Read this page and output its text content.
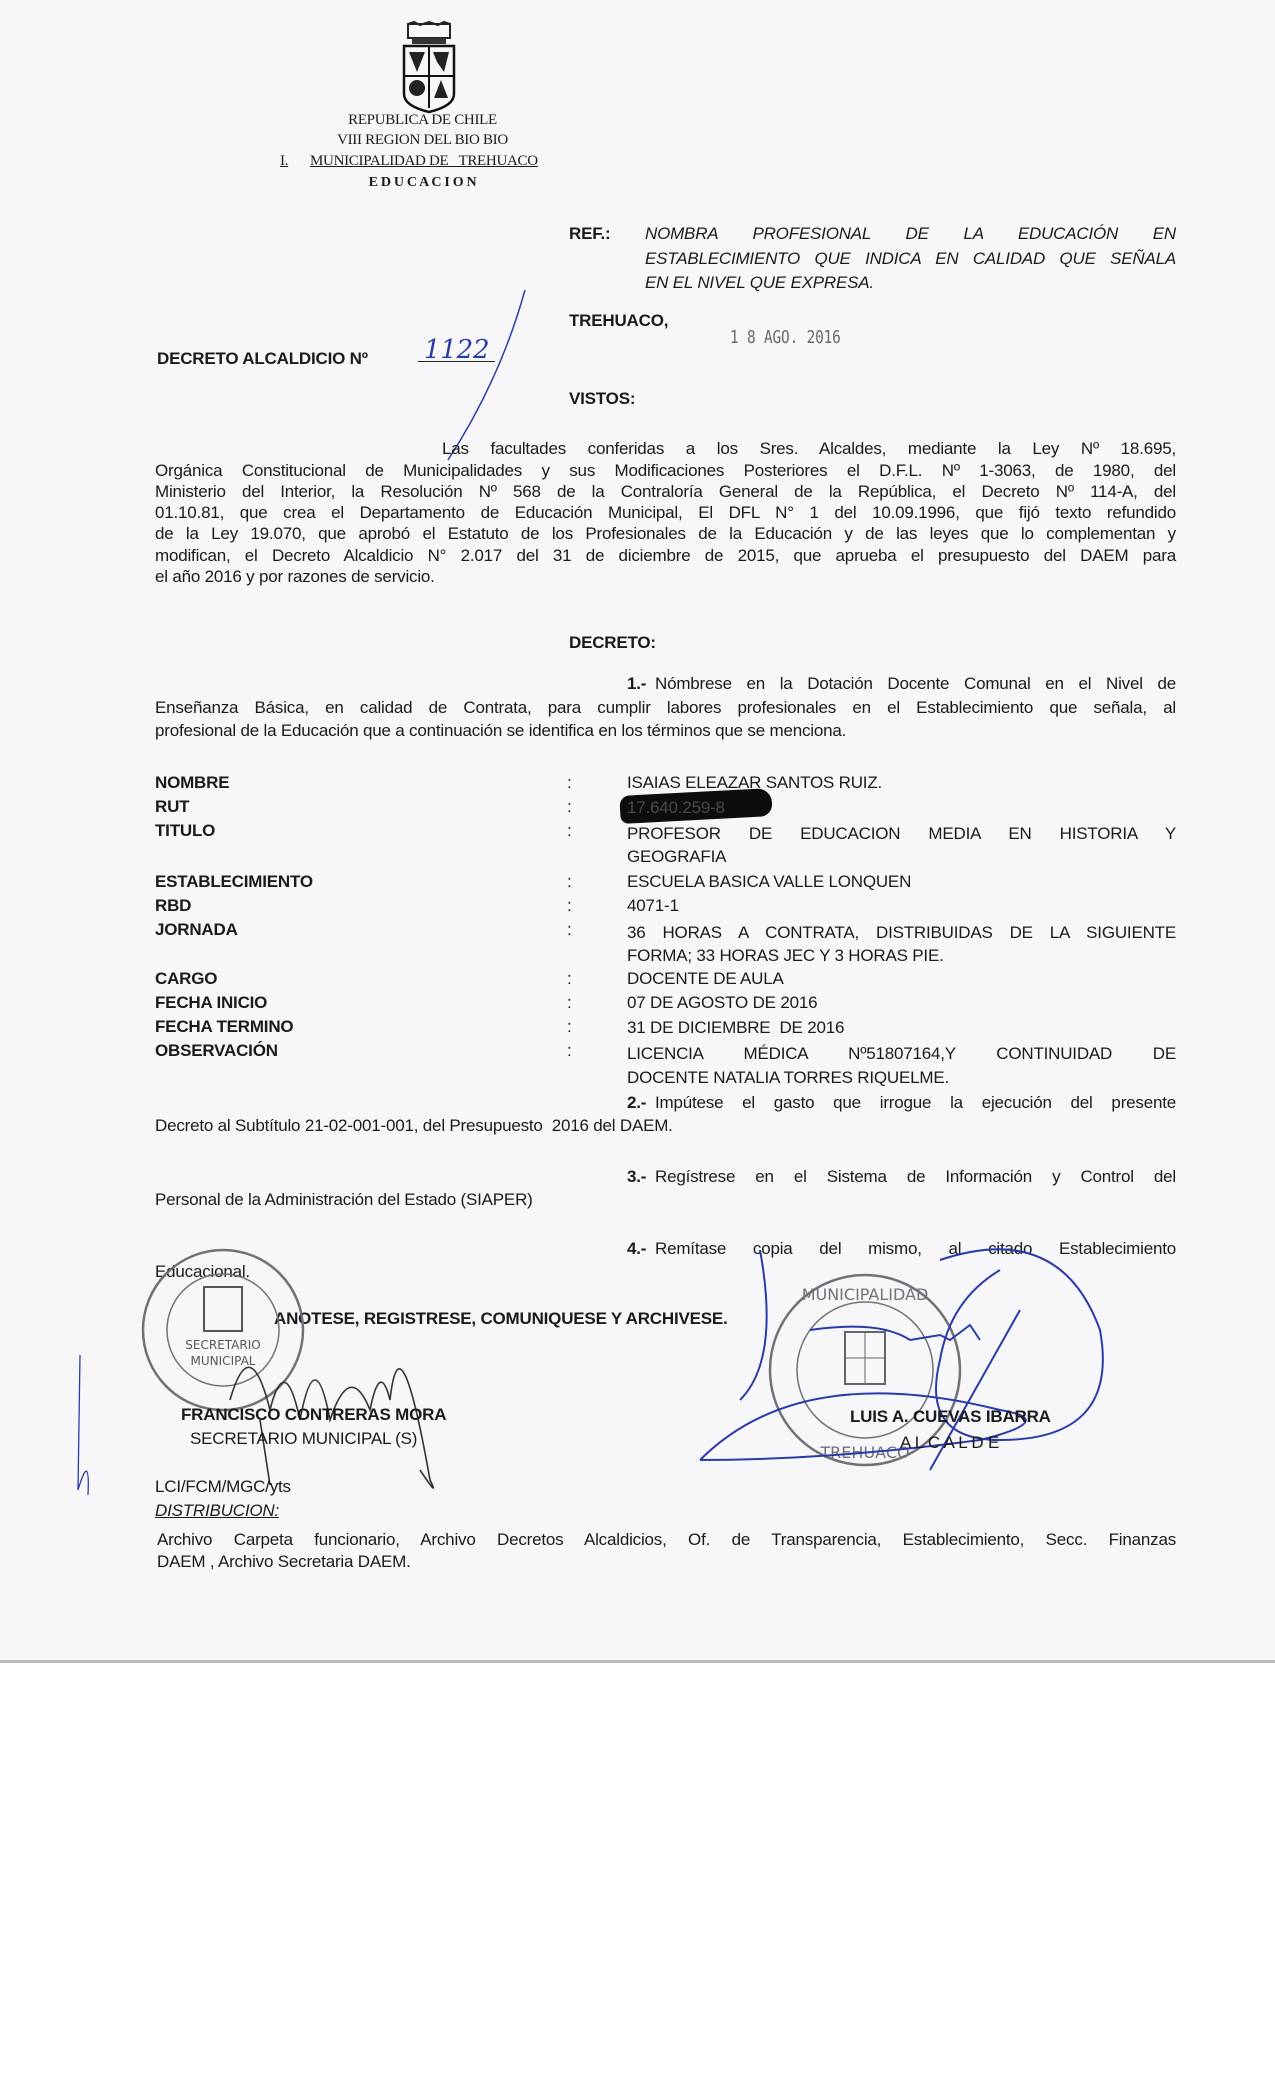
REPUBLICA DE CHILE
VIII REGION DEL BIO BIO
I. MUNICIPALIDAD DE   TREHUACO
E D U C A C I O N
REF.: NOMBRA PROFESIONAL DE LA EDUCACIÓN EN
ESTABLECIMIENTO QUE INDICA EN CALIDAD QUE SEÑALA
EN EL NIVEL QUE EXPRESA.
TREHUACO,
1 8 AGO. 2016
DECRETO ALCALDICIO Nº 1122
VISTOS:
Las facultades conferidas a los Sres. Alcaldes, mediante la Ley Nº 18.695,
Orgánica Constitucional de Municipalidades y sus Modificaciones Posteriores el D.F.L. Nº 1-3063, de 1980, del
Ministerio del Interior, la Resolución Nº 568 de la Contraloría General de la República, el Decreto Nº 114-A, del
01.10.81, que crea el Departamento de Educación Municipal, El DFL N° 1 del 10.09.1996, que fijó texto refundido
de la Ley 19.070, que aprobó el Estatuto de los Profesionales de la Educación y de las leyes que lo complementan y
modifican, el Decreto Alcaldicio N° 2.017 del 31 de diciembre de 2015, que aprueba el presupuesto del DAEM para
el año 2016 y por razones de servicio.
DECRETO:
1.- Nómbrese en la Dotación Docente Comunal en el Nivel de
Enseñanza Básica, en calidad de Contrata, para cumplir labores profesionales en el Establecimiento que señala, al
profesional de la Educación que a continuación se identifica en los términos que se menciona.
NOMBRE	:	ISAIAS ELEAZAR SANTOS RUIZ.
RUT	:	17.640.259-8
TITULO	:	PROFESOR DE EDUCACION MEDIA EN HISTORIA Y
GEOGRAFIA
ESTABLECIMIENTO	:	ESCUELA BASICA VALLE LONQUEN
RBD	:	4071-1
JORNADA	:	36 HORAS A CONTRATA, DISTRIBUIDAS DE LA SIGUIENTE
FORMA; 33 HORAS JEC Y 3 HORAS PIE.
CARGO	:	DOCENTE DE AULA
FECHA INICIO	:	07 DE AGOSTO DE 2016
FECHA TERMINO	:	31 DE DICIEMBRE  DE 2016
OBSERVACIÓN	:	LICENCIA MÉDICA Nº51807164,Y CONTINUIDAD DE
DOCENTE NATALIA TORRES RIQUELME.
2.- Impútese el gasto que irrogue la ejecución del presente
Decreto al Subtítulo 21-02-001-001, del Presupuesto  2016 del DAEM.
3.- Regístrese en el Sistema de Información y Control del
Personal de la Administración del Estado (SIAPER)
4.- Remítase copia del mismo, al citado Establecimiento
Educacional.
ANOTESE, REGISTRESE, COMUNIQUESE Y ARCHIVESE.
SECRETARIO
MUNICIPAL
FRANCISCO CONTRERAS MORA
SECRETARIO MUNICIPAL (S)
MUNICIPALIDAD
TREHUACO
LUIS A. CUEVAS IBARRA
A L C A L D E
LCI/FCM/MGC/yts
DISTRIBUCION:
Archivo Carpeta funcionario, Archivo Decretos Alcaldicios, Of. de Transparencia, Establecimiento, Secc. Finanzas
DAEM , Archivo Secretaria DAEM.
